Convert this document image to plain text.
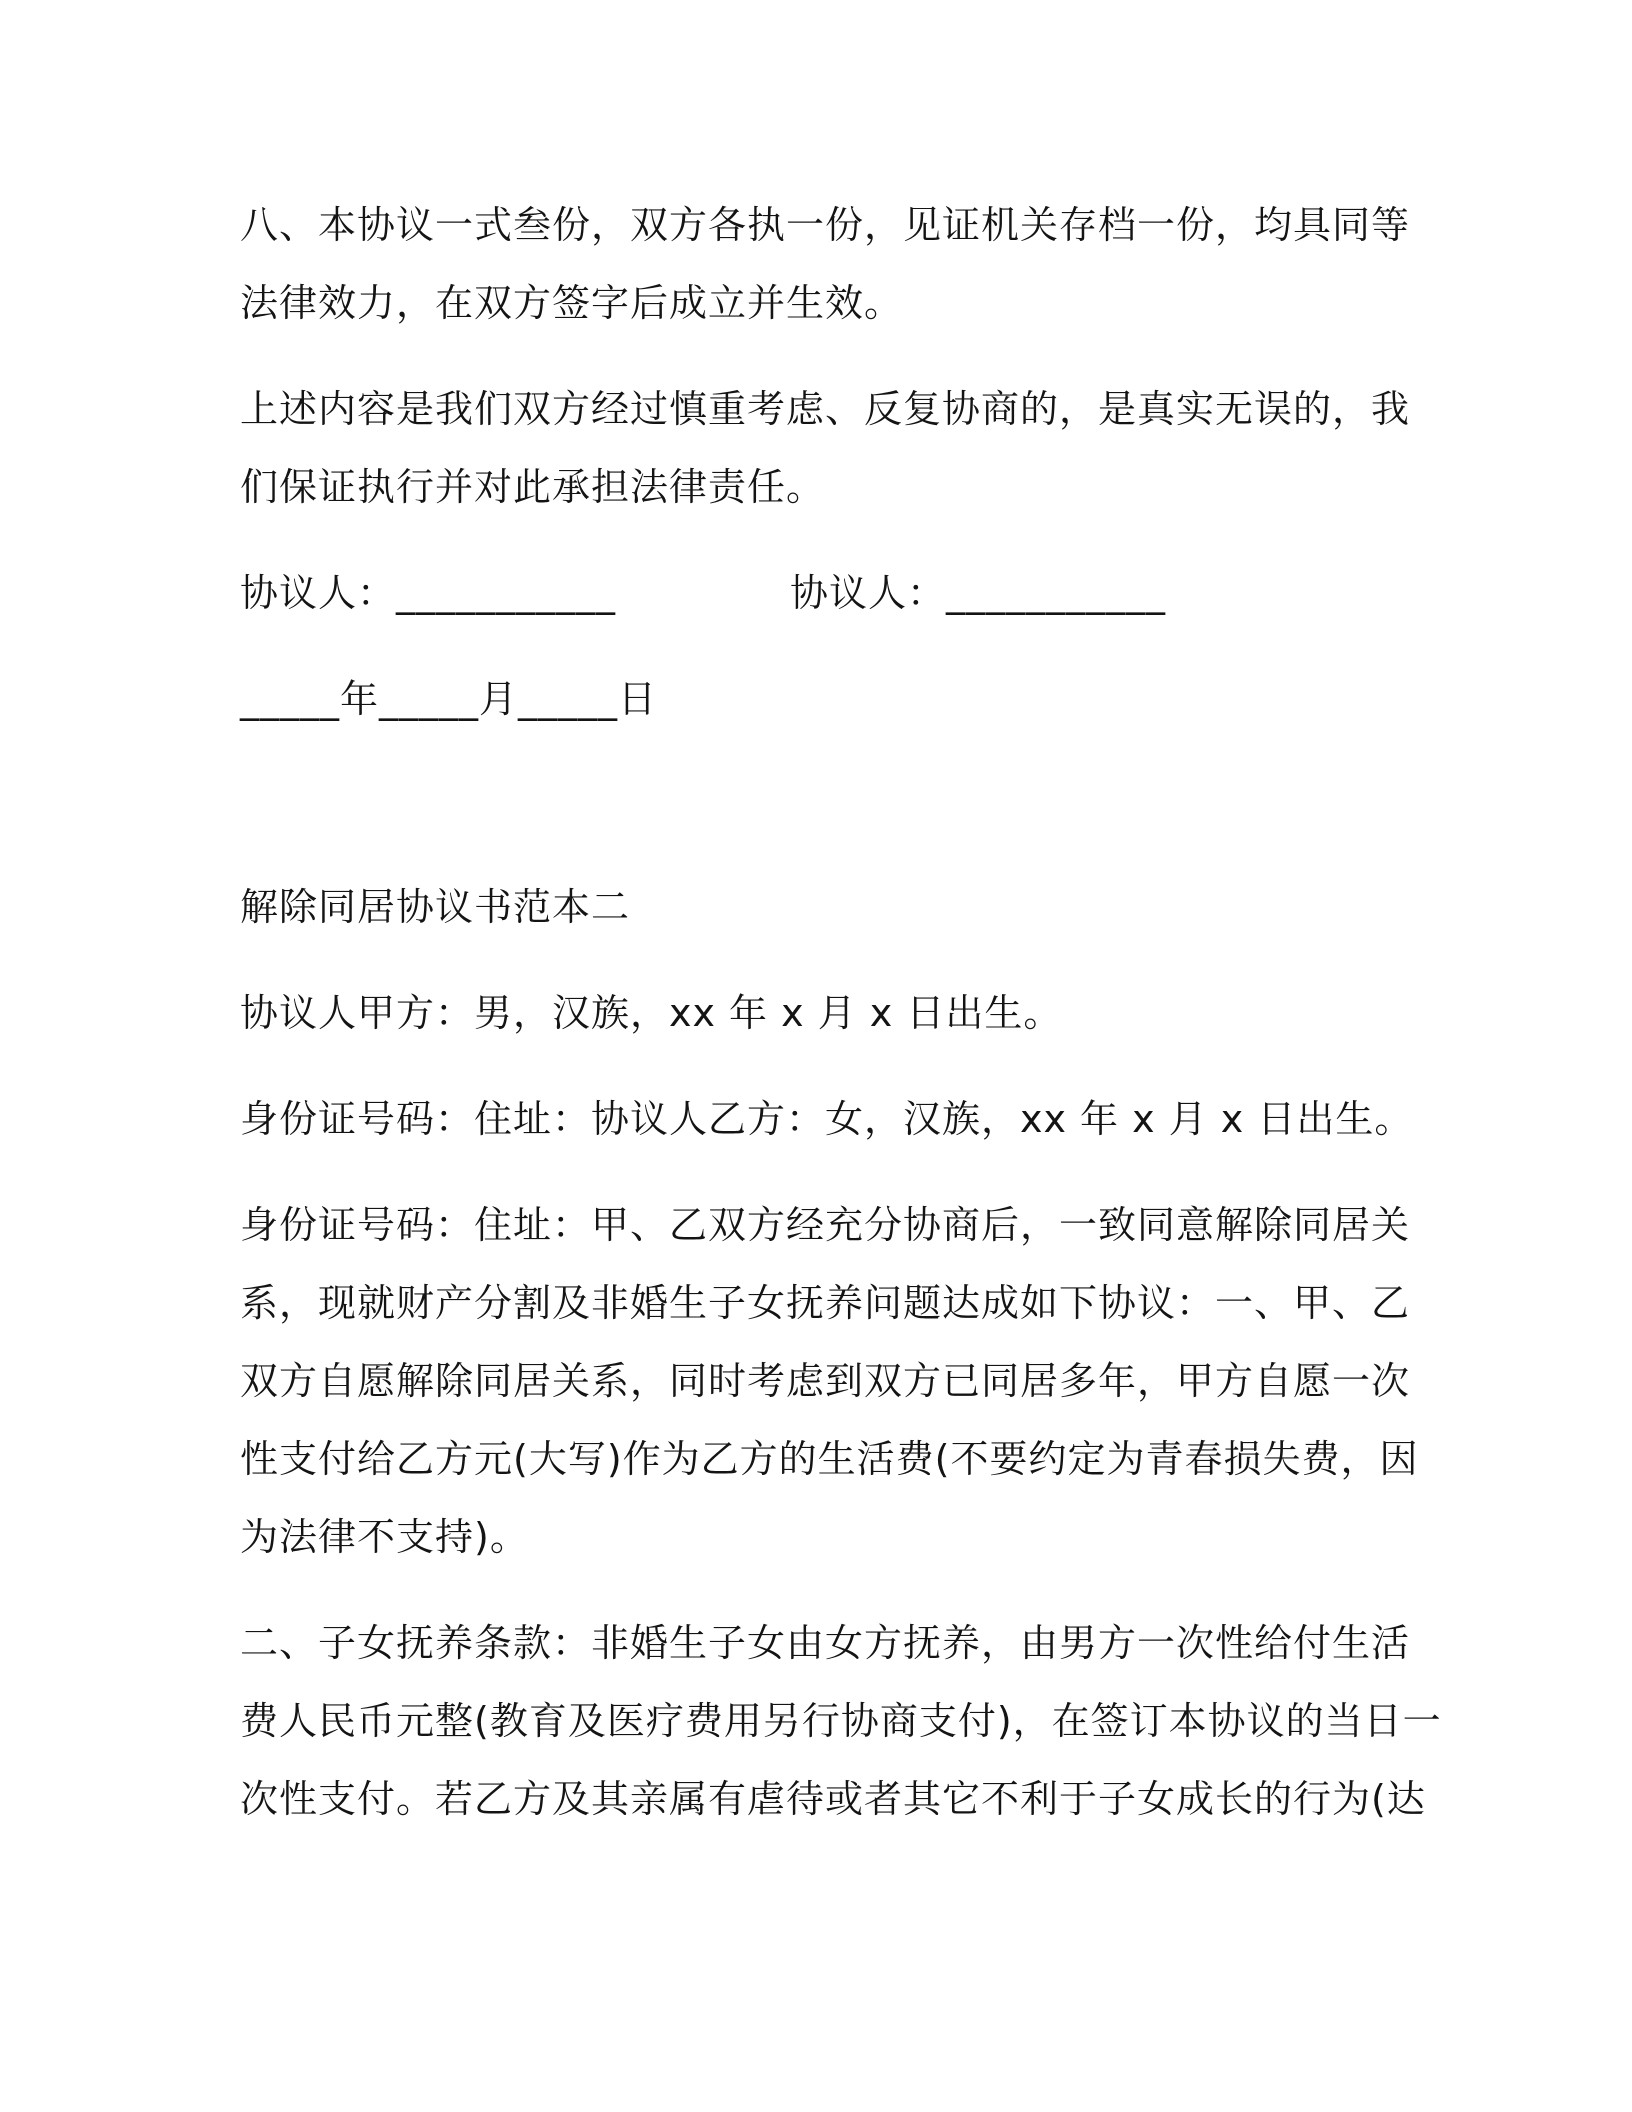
八、本协议一式叁份，双方各执一份，见证机关存档一份，均具同等
法律效力，在双方签字后成立并生效。
上述内容是我们双方经过慎重考虑、反复协商的，是真实无误的，我
们保证执行并对此承担法律责任。
协议人：___________	协议人：___________
_____年_____月_____日
解除同居协议书范本二
协议人甲方：男，汉族，xx 年 x 月 x 日出生。
身份证号码：住址：协议人乙方：女，汉族，xx 年 x 月 x 日出生。
身份证号码：住址：甲、乙双方经充分协商后，一致同意解除同居关
系，现就财产分割及非婚生子女抚养问题达成如下协议：一、甲、乙
双方自愿解除同居关系，同时考虑到双方已同居多年，甲方自愿一次
性支付给乙方元(大写)作为乙方的生活费(不要约定为青春损失费，因
为法律不支持)。
二、子女抚养条款：非婚生子女由女方抚养，由男方一次性给付生活
费人民币元整(教育及医疗费用另行协商支付)，在签订本协议的当日一
次性支付。若乙方及其亲属有虐待或者其它不利于子女成长的行为(达
